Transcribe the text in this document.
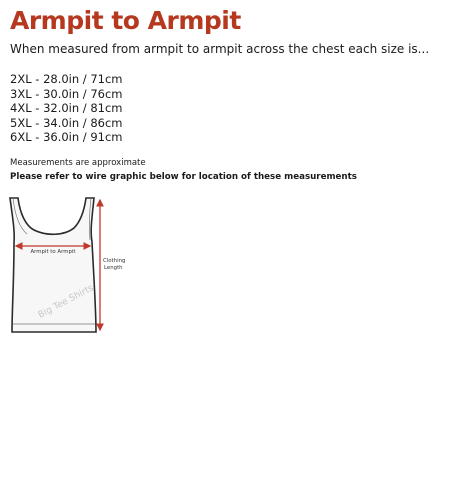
Armpit to Armpit

When measured from armpit to armpit across the chest each size is...

2XL - 28.0in / 71cm
3XL - 30.0in / 76cm
4XL - 32.0in / 81cm
5XL - 34.0in / 86cm
6XL - 36.0in / 91cm

Measurements are approximate

Please refer to wire graphic below for location of these measurements

Armpit to Armpit
Clothing
Length
Big Tee Shirts
